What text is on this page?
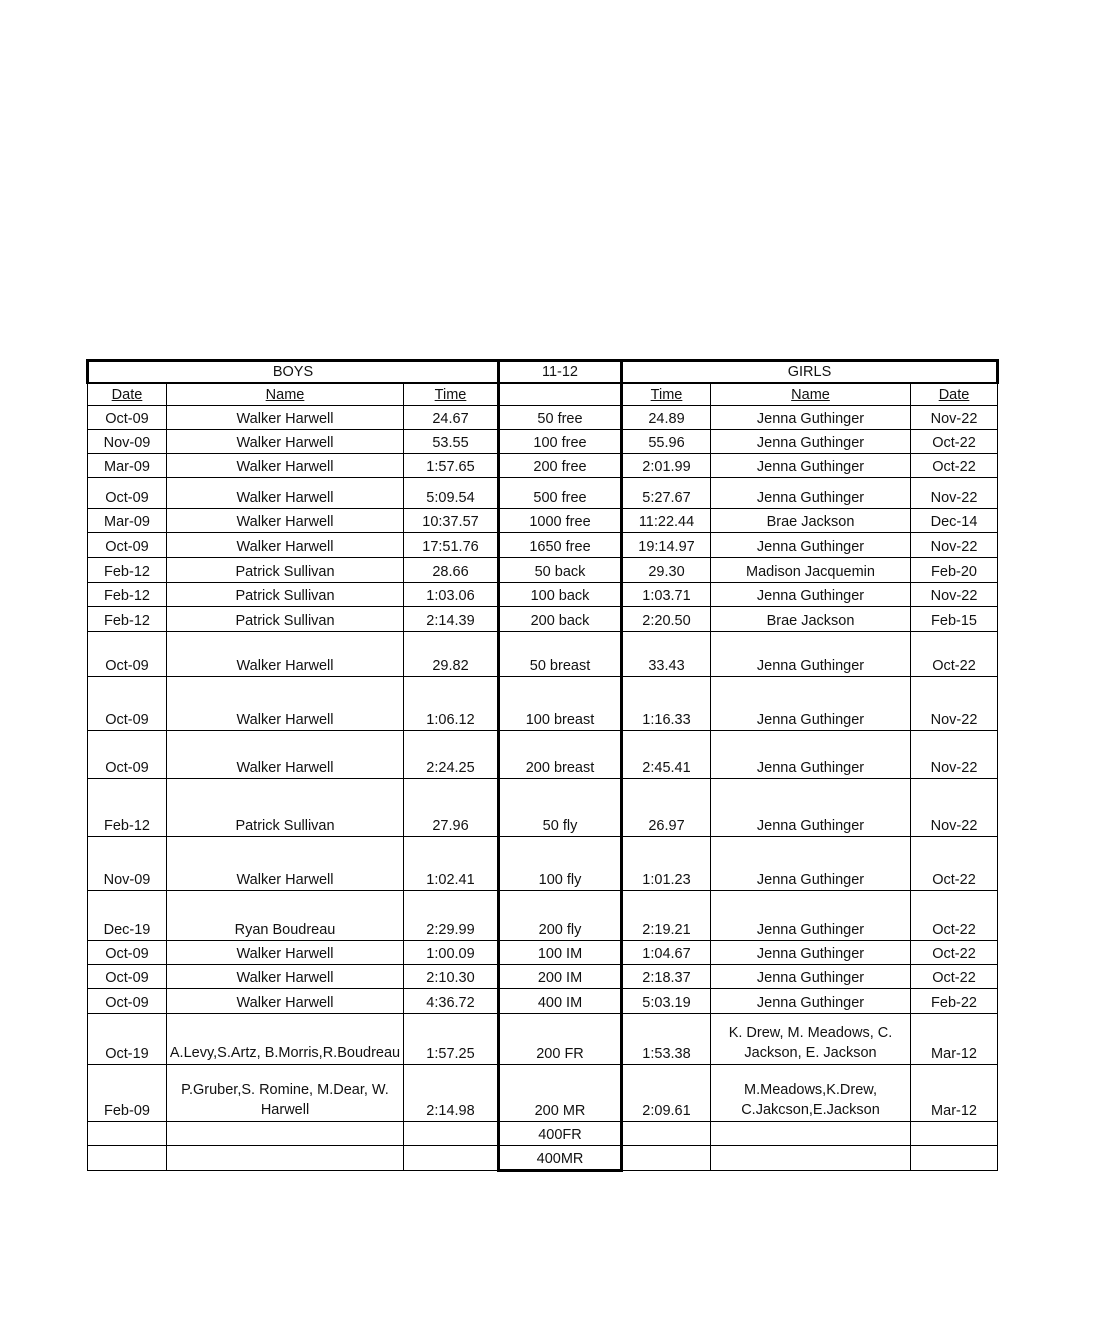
BOYS			11-12	GIRLS		
Date	Name	Time		Time	Name	Date
Oct-09	Walker Harwell	24.67	50 free	24.89	Jenna Guthinger	Nov-22
Nov-09	Walker Harwell	53.55	100 free	55.96	Jenna Guthinger	Oct-22
Mar-09	Walker Harwell	1:57.65	200 free	2:01.99	Jenna Guthinger	Oct-22
Oct-09	Walker Harwell	5:09.54	500 free	5:27.67	Jenna Guthinger	Nov-22
Mar-09	Walker Harwell	10:37.57	1000 free	11:22.44	Brae Jackson	Dec-14
Oct-09	Walker Harwell	17:51.76	1650 free	19:14.97	Jenna Guthinger	Nov-22
Feb-12	Patrick Sullivan	28.66	50 back	29.30	Madison Jacquemin	Feb-20
Feb-12	Patrick Sullivan	1:03.06	100 back	1:03.71	Jenna Guthinger	Nov-22
Feb-12	Patrick Sullivan	2:14.39	200 back	2:20.50	Brae Jackson	Feb-15
Oct-09	Walker Harwell	29.82	50 breast	33.43	Jenna Guthinger	Oct-22
Oct-09	Walker Harwell	1:06.12	100 breast	1:16.33	Jenna Guthinger	Nov-22
Oct-09	Walker Harwell	2:24.25	200 breast	2:45.41	Jenna Guthinger	Nov-22
Feb-12	Patrick Sullivan	27.96	50 fly	26.97	Jenna Guthinger	Nov-22
Nov-09	Walker Harwell	1:02.41	100 fly	1:01.23	Jenna Guthinger	Oct-22
Dec-19	Ryan Boudreau	2:29.99	200 fly	2:19.21	Jenna Guthinger	Oct-22
Oct-09	Walker Harwell	1:00.09	100 IM	1:04.67	Jenna Guthinger	Oct-22
Oct-09	Walker Harwell	2:10.30	200 IM	2:18.37	Jenna Guthinger	Oct-22
Oct-09	Walker Harwell	4:36.72	400 IM	5:03.19	Jenna Guthinger	Feb-22
Oct-19	A.Levy,S.Artz, B.Morris,R.Boudreau	1:57.25	200 FR	1:53.38	K. Drew, M. Meadows, C. Jackson, E. Jackson	Mar-12
Feb-09	P.Gruber,S. Romine, M.Dear, W. Harwell	2:14.98	200 MR	2:09.61	M.Meadows,K.Drew, C.Jakcson,E.Jackson	Mar-12
			400FR			
			400MR			
